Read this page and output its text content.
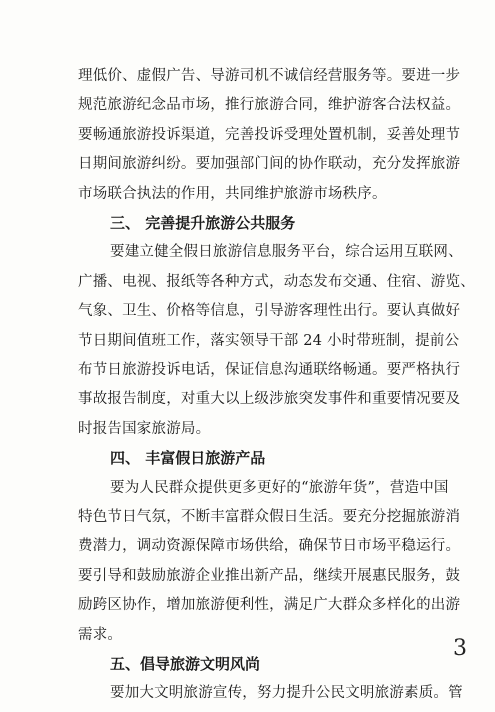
3
理低价、虚假广告、导游司机不诚信经营服务等。要进一步
规范旅游纪念品市场，推行旅游合同，维护游客合法权益。
要畅通旅游投诉渠道，完善投诉受理处置机制，妥善处理节
日期间旅游纠纷。要加强部门间的协作联动，充分发挥旅游
市场联合执法的作用，共同维护旅游市场秩序。
三、 完善提升旅游公共服务
要建立健全假日旅游信息服务平台，综合运用互联网、
广播、电视、报纸等各种方式，动态发布交通、住宿、游览、
气象、卫生、价格等信息，引导游客理性出行。要认真做好
节日期间值班工作，落实领导干部 24 小时带班制，提前公
布节日旅游投诉电话，保证信息沟通联络畅通。要严格执行
事故报告制度，对重大以上级涉旅突发事件和重要情况要及
时报告国家旅游局。
四、 丰富假日旅游产品
要为人民群众提供更多更好的“旅游年货”，营造中国
特色节日气氛，不断丰富群众假日生活。要充分挖掘旅游消
费潜力，调动资源保障市场供给，确保节日市场平稳运行。
要引导和鼓励旅游企业推出新产品，继续开展惠民服务，鼓
励跨区协作，增加旅游便利性，满足广大群众多样化的出游
需求。
五、倡导旅游文明风尚
要加大文明旅游宣传，努力提升公民文明旅游素质。管
